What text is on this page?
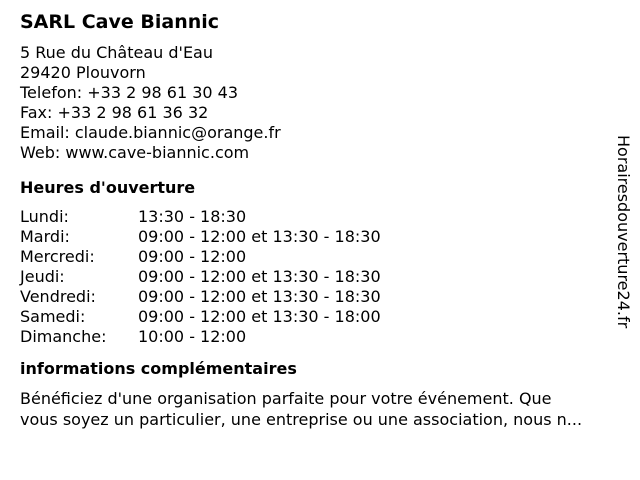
SARL Cave Biannic
5 Rue du Château d'Eau
29420 Plouvorn
Telefon: +33 2 98 61 30 43
Fax: +33 2 98 61 36 32
Email: claude.biannic@orange.fr
Web: www.cave-biannic.com
Heures d'ouverture
Lundi:	13:30 - 18:30
Mardi:	09:00 - 12:00 et 13:30 - 18:30
Mercredi:	09:00 - 12:00
Jeudi:	09:00 - 12:00 et 13:30 - 18:30
Vendredi:	09:00 - 12:00 et 13:30 - 18:30
Samedi:	09:00 - 12:00 et 13:30 - 18:00
Dimanche: 10:00 - 12:00
informations complémentaires
Bénéficiez d'une organisation parfaite pour votre événement. Que
vous soyez un particulier, une entreprise ou une association, nous n...
Horairesdouverture24.fr
